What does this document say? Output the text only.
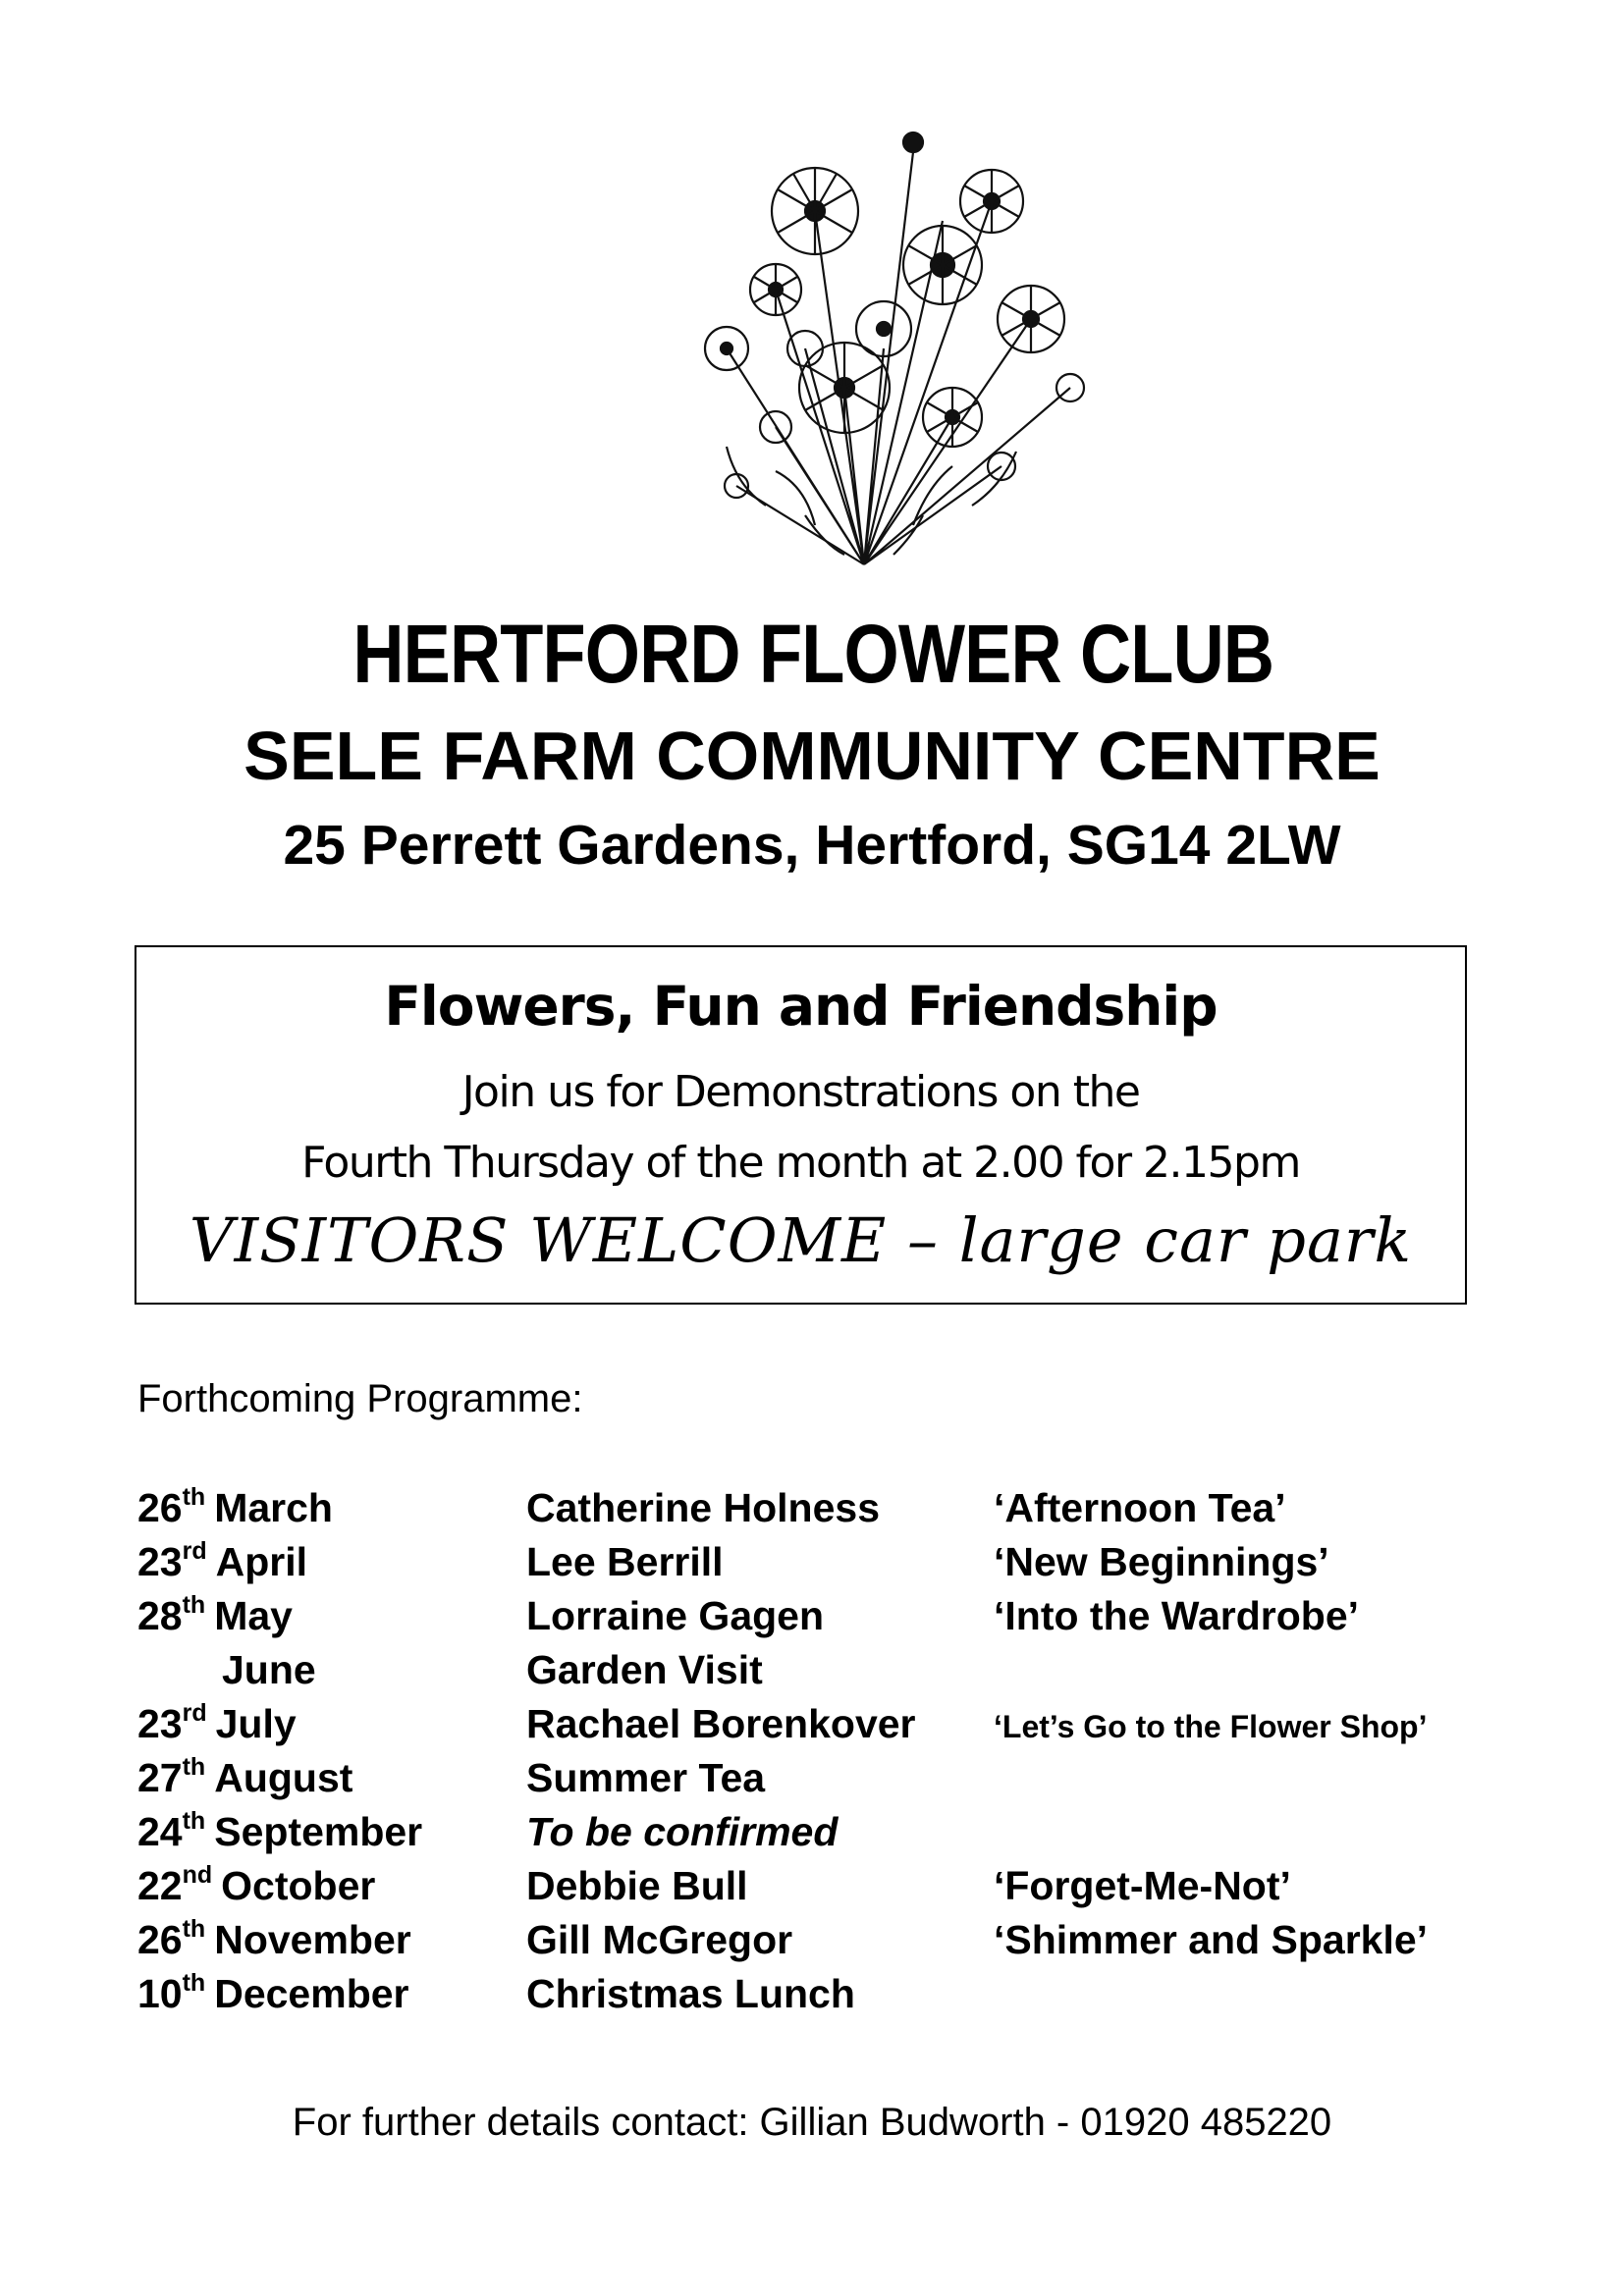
HERTFORD FLOWER CLUB
SELE FARM COMMUNITY CENTRE
25 Perrett Gardens, Hertford, SG14 2LW
Flowers, Fun and Friendship
Join us for Demonstrations on the
Fourth Thursday of the month at 2.00 for 2.15pm
VISITORS WELCOME – large car park
Forthcoming Programme:
26th March	Catherine Holness	‘Afternoon Tea’
23rd April	Lee Berrill	‘New Beginnings’
28th May	Lorraine Gagen	‘Into the Wardrobe’
June	Garden Visit
23rd July	Rachael Borenkover ‘Let’s Go to the Flower Shop’
27th August	Summer Tea
24th September	To be confirmed
22nd October	Debbie Bull	‘Forget-Me-Not’
26th November	Gill McGregor	‘Shimmer and Sparkle’
10th December	Christmas Lunch
For further details contact: Gillian Budworth - 01920 485220
